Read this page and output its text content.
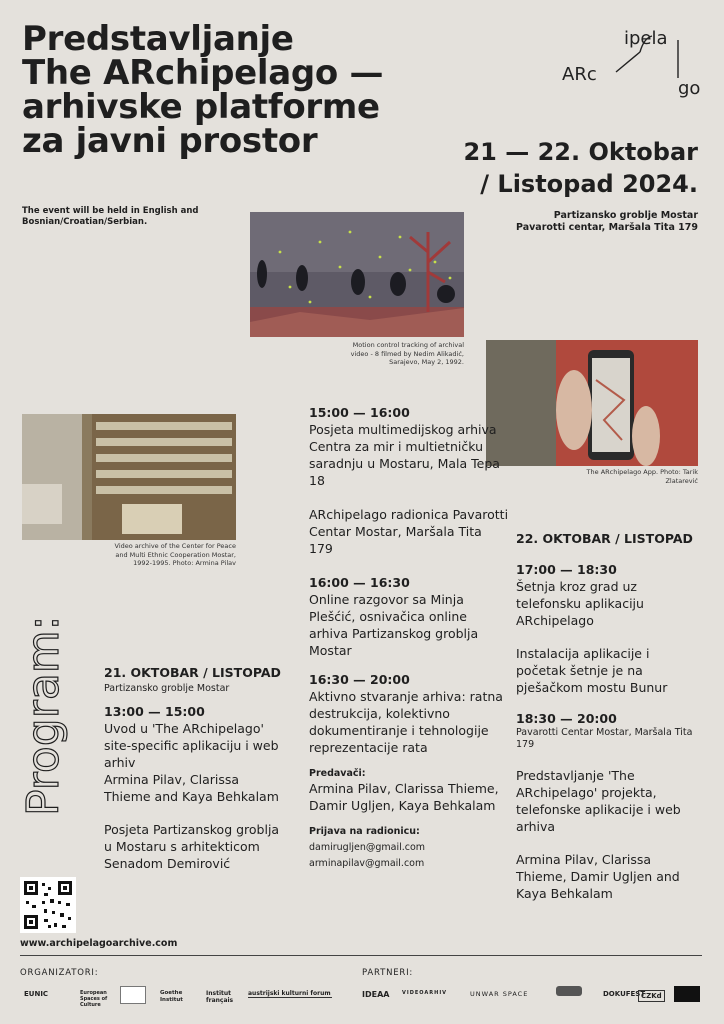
Predstavljanje
The ARchipelago —
arhivske platforme
za javni prostor
The event will be held in English and Bosnian/Croatian/Serbian.
ARc
ipela
go
21 — 22. Oktobar
/ Listopad 2024.
Partizansko groblje Mostar
Pavarotti centar, Maršala Tita 179
Motion control tracking of archival video - 8 filmed by Nedim Alikadić, Sarajevo, May 2, 1992.
The ARchipelago App. Photo: Tarik Zlatarević
Video archive of the Center for Peace and Multi Ethnic Cooperation Mostar, 1992-1995. Photo: Armina Pilav
Program:	21. OKTOBAR / LISTOPAD
Partizansko groblje Mostar
13:00 — 15:00
Uvod u 'The ARchipelago' site-specific aplikaciju i web arhiv
Armina Pilav, Clarissa Thieme and Kaya Behkalam
Posjeta Partizanskog groblja u Mostaru s arhitekticom Senadom Demirović
15:00 — 16:00
Posjeta multimedijskog arhiva Centra za mir i multietničku saradnju u Mostaru, Mala Tepa 18
ARchipelago radionica Pavarotti Centar Mostar, Maršala Tita 179
16:00 — 16:30
Online razgovor sa Minja Plešćić, osnivačica online arhiva Partizanskog groblja Mostar
16:30 — 20:00
Aktivno stvaranje arhiva: ratna destrukcija, kolektivno dokumentiranje i tehnologije reprezentacije rata
Predavači:
Armina Pilav, Clarissa Thieme, Damir Ugljen, Kaya Behkalam
Prijava na radionicu:
damirugljen@gmail.com
arminapilav@gmail.com
22. OKTOBAR / LISTOPAD
17:00 — 18:30
Šetnja kroz grad uz telefonsku aplikaciju ARchipelago
Instalacija aplikacije i početak šetnje je na pješačkom mostu Bunur
18:30 — 20:00
Pavarotti Centar Mostar, Maršala Tita 179
Predstavljanje 'The ARchipelago' projekta, telefonske aplikacije i web arhiva
Armina Pilav, Clarissa Thieme, Damir Ugljen and Kaya Behkalam
www.archipelagoarchive.com
ORGANIZATORI:	PARTNERI:
EUNIC	European Spaces of Culture
Goethe Institut
Institut français
austrijski kulturni forum	IDEAA	VIDEOARHIV	UNWAR SPACE	DOKUFEST
CZKd
